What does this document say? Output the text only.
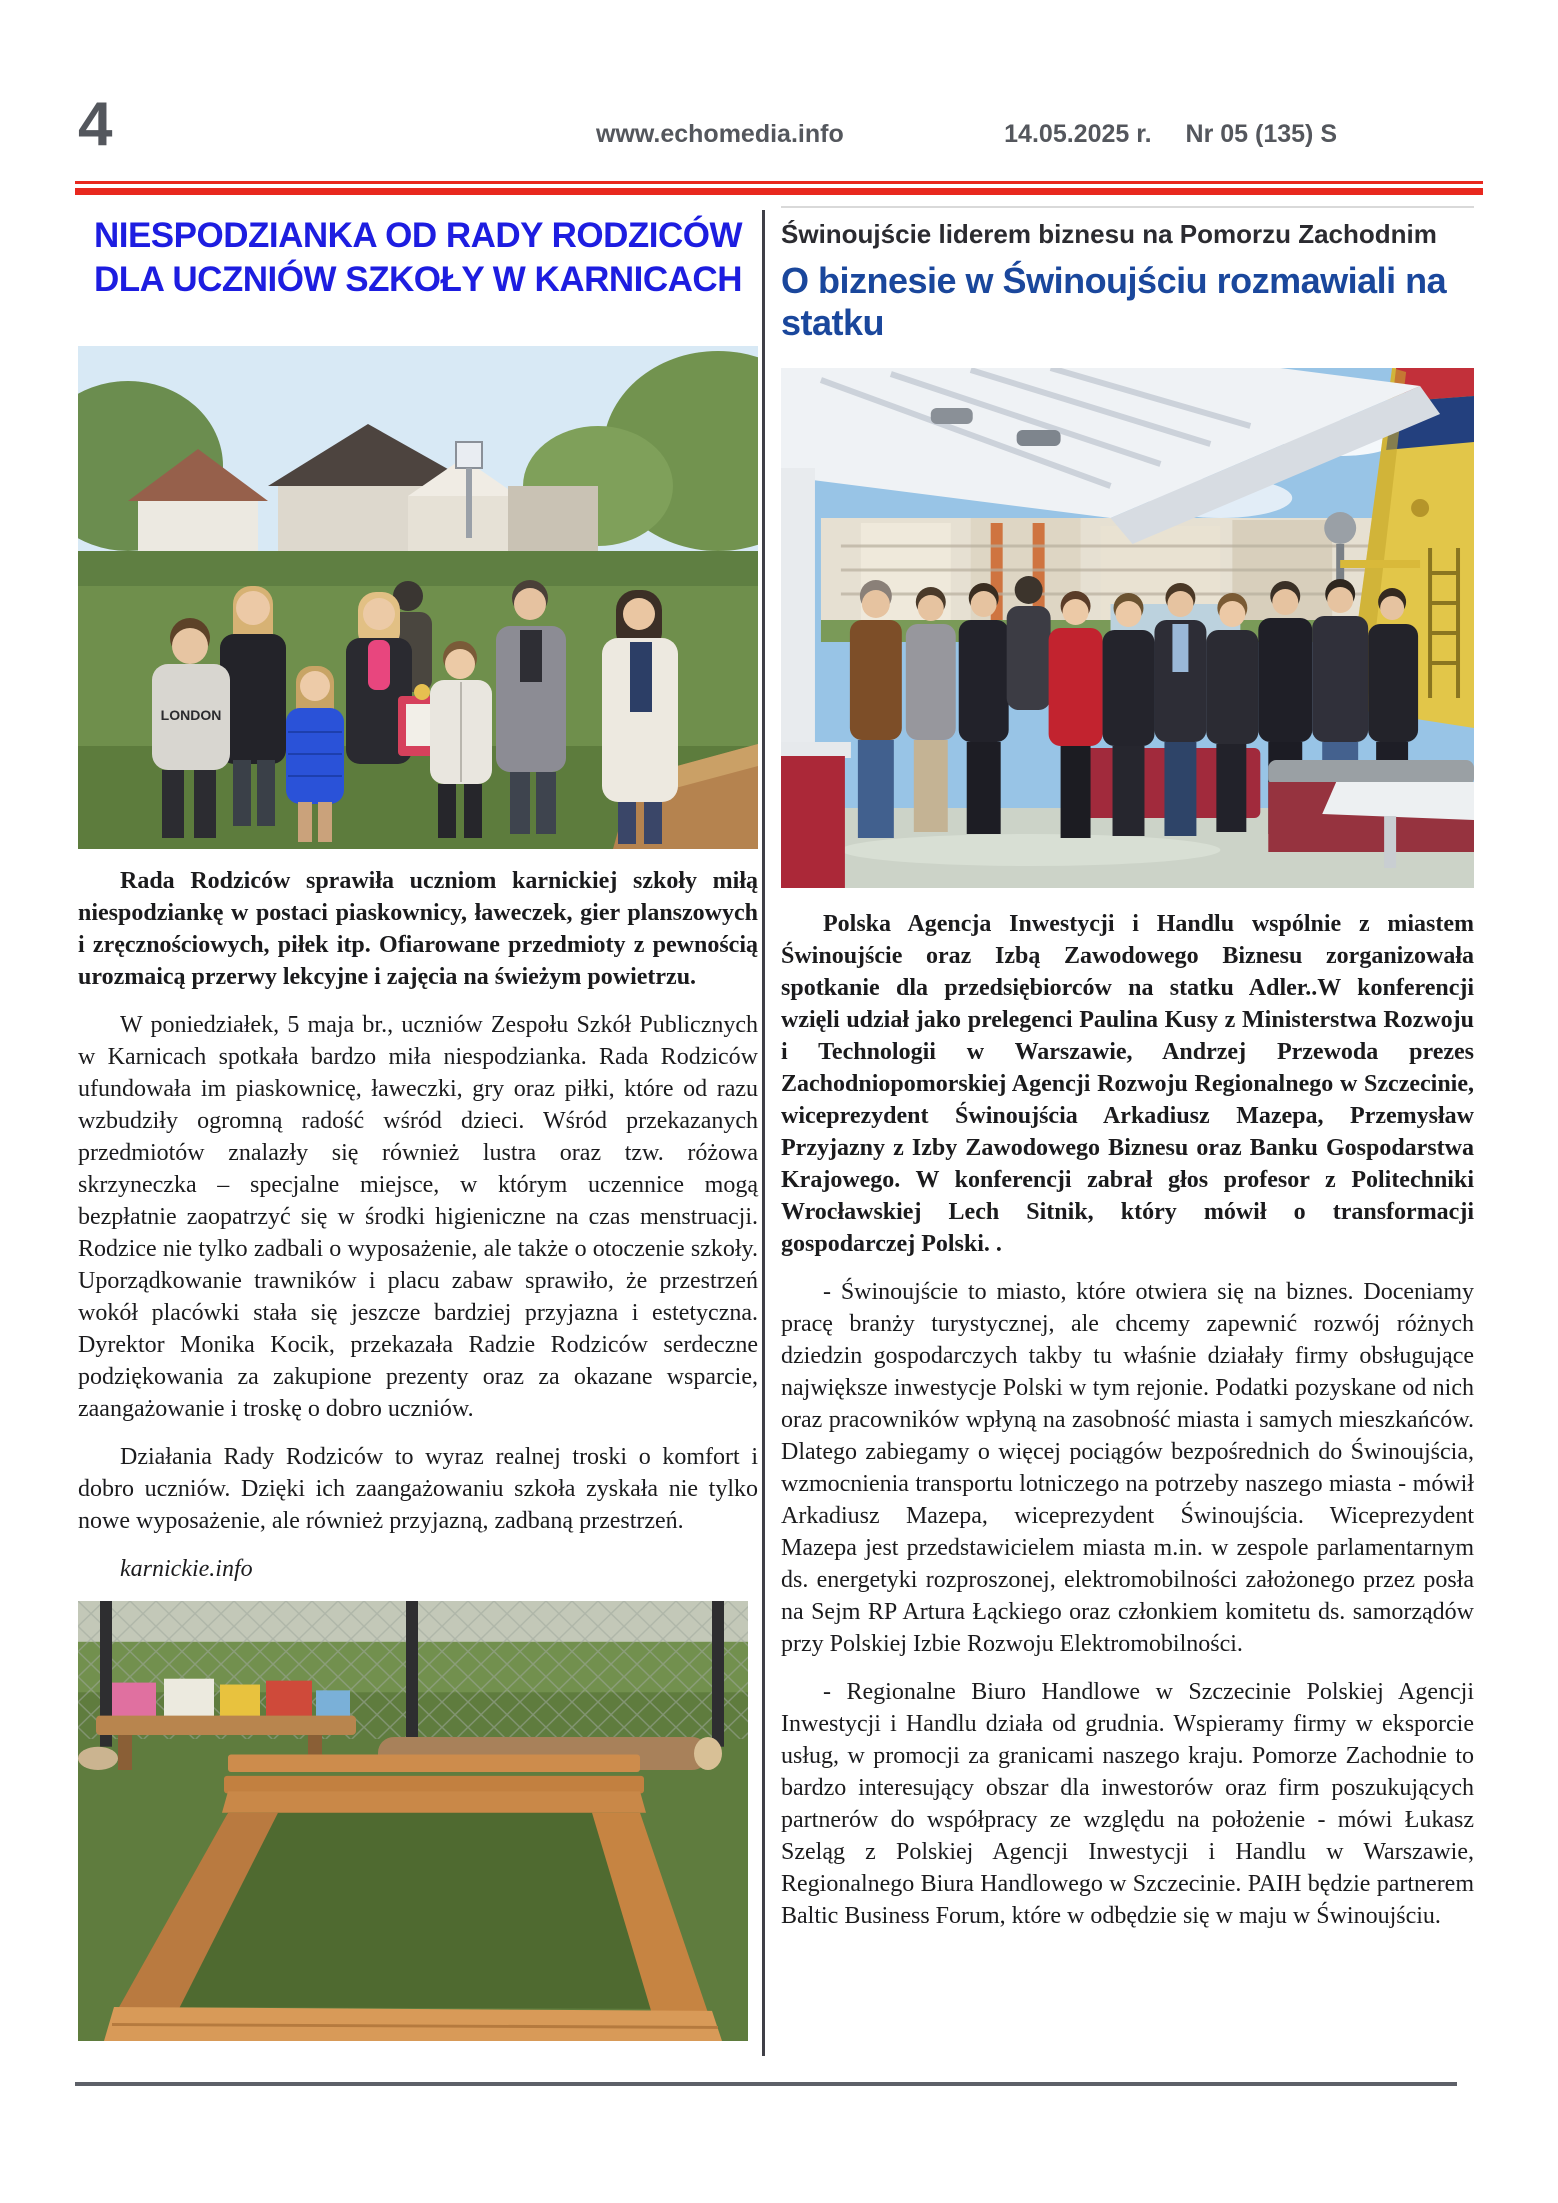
4	www.echomedia.info	14.05.2025 r. Nr 05 (135) S
NIESPODZIANKA OD RADY RODZICÓW
DLA UCZNIÓW SZKOŁY W KARNICACH
LONDON

Rada Rodziców sprawiła uczniom karnickiej szkoły miłą niespodziankę w postaci piaskownicy, ławeczek, gier planszowych i zręcznościowych, piłek itp. Ofiarowane przedmioty z pewnością urozmaicą przerwy lekcyjne i zajęcia na świeżym powietrzu.

W poniedziałek, 5 maja br., uczniów Zespołu Szkół Publicznych w Karnicach spotkała bardzo miła niespodzianka. Rada Rodziców ufundowała im piaskownicę, ławeczki, gry oraz piłki, które od razu wzbudziły ogromną radość wśród dzieci. Wśród przekazanych przedmiotów znalazły się również lustra oraz tzw. różowa skrzyneczka – specjalne miejsce, w którym uczennice mogą bezpłatnie zaopatrzyć się w środki higieniczne na czas menstruacji. Rodzice nie tylko zadbali o wyposażenie, ale także o otoczenie szkoły. Uporządkowanie trawników i placu zabaw sprawiło, że przestrzeń wokół placówki stała się jeszcze bardziej przyjazna i estetyczna. Dyrektor Monika Kocik, przekazała Radzie Rodziców serdeczne podziękowania za zakupione prezenty oraz za okazane wsparcie, zaangażowanie i troskę o dobro uczniów.

Działania Rady Rodziców to wyraz realnej troski o komfort i dobro uczniów. Dzięki ich zaangażowaniu szkoła zyskała nie tylko nowe wyposażenie, ale również przyjazną, zadbaną przestrzeń.

karnickie.info

Świnoujście liderem biznesu na Pomorzu Zachodnim
O biznesie w Świnoujściu rozmawiali na statku

Polska Agencja Inwestycji i Handlu wspólnie z miastem Świnoujście oraz Izbą Zawodowego Biznesu zorganizowała spotkanie dla przedsiębiorców na statku Adler..W konferencji wzięli udział jako prelegenci Paulina Kusy z Ministerstwa Rozwoju i Technologii w Warszawie, Andrzej Przewoda prezes Zachodniopomorskiej Agencji Rozwoju Regionalnego w Szczecinie, wiceprezydent Świnoujścia Arkadiusz Mazepa, Przemysław Przyjazny z Izby Zawodowego Biznesu oraz Banku Gospodarstwa Krajowego. W konferencji zabrał głos profesor z Politechniki Wrocławskiej Lech Sitnik, który mówił o transformacji gospodarczej Polski. .

- Świnoujście to miasto, które otwiera się na biznes. Doceniamy pracę branży turystycznej, ale chcemy zapewnić rozwój różnych dziedzin gospodarczych takby tu właśnie działały firmy obsługujące największe inwestycje Polski w tym rejonie. Podatki pozyskane od nich oraz pracowników wpłyną na zasobność miasta i samych mieszkańców. Dlatego zabiegamy o więcej pociągów bezpośrednich do Świnoujścia, wzmocnienia transportu lotniczego na potrzeby naszego miasta - mówił Arkadiusz Mazepa, wiceprezydent Świnoujścia. Wiceprezydent Mazepa jest przedstawicielem miasta m.in. w zespole parlamentarnym ds. energetyki rozproszonej, elektromobilności założonego przez posła na Sejm RP Artura Łąckiego oraz członkiem komitetu ds. samorządów przy Polskiej Izbie Rozwoju Elektromobilności.

- Regionalne Biuro Handlowe w Szczecinie Polskiej Agencji Inwestycji i Handlu działa od grudnia. Wspieramy firmy w eksporcie usług, w promocji za granicami naszego kraju. Pomorze Zachodnie to bardzo interesujący obszar dla inwestorów oraz firm poszukujących partnerów do współpracy ze względu na położenie - mówi Łukasz Szeląg z Polskiej Agencji Inwestycji i Handlu w Warszawie, Regionalnego Biura Handlowego w Szczecinie. PAIH będzie partnerem Baltic Business Forum, które w odbędzie się w maju w Świnoujściu.
